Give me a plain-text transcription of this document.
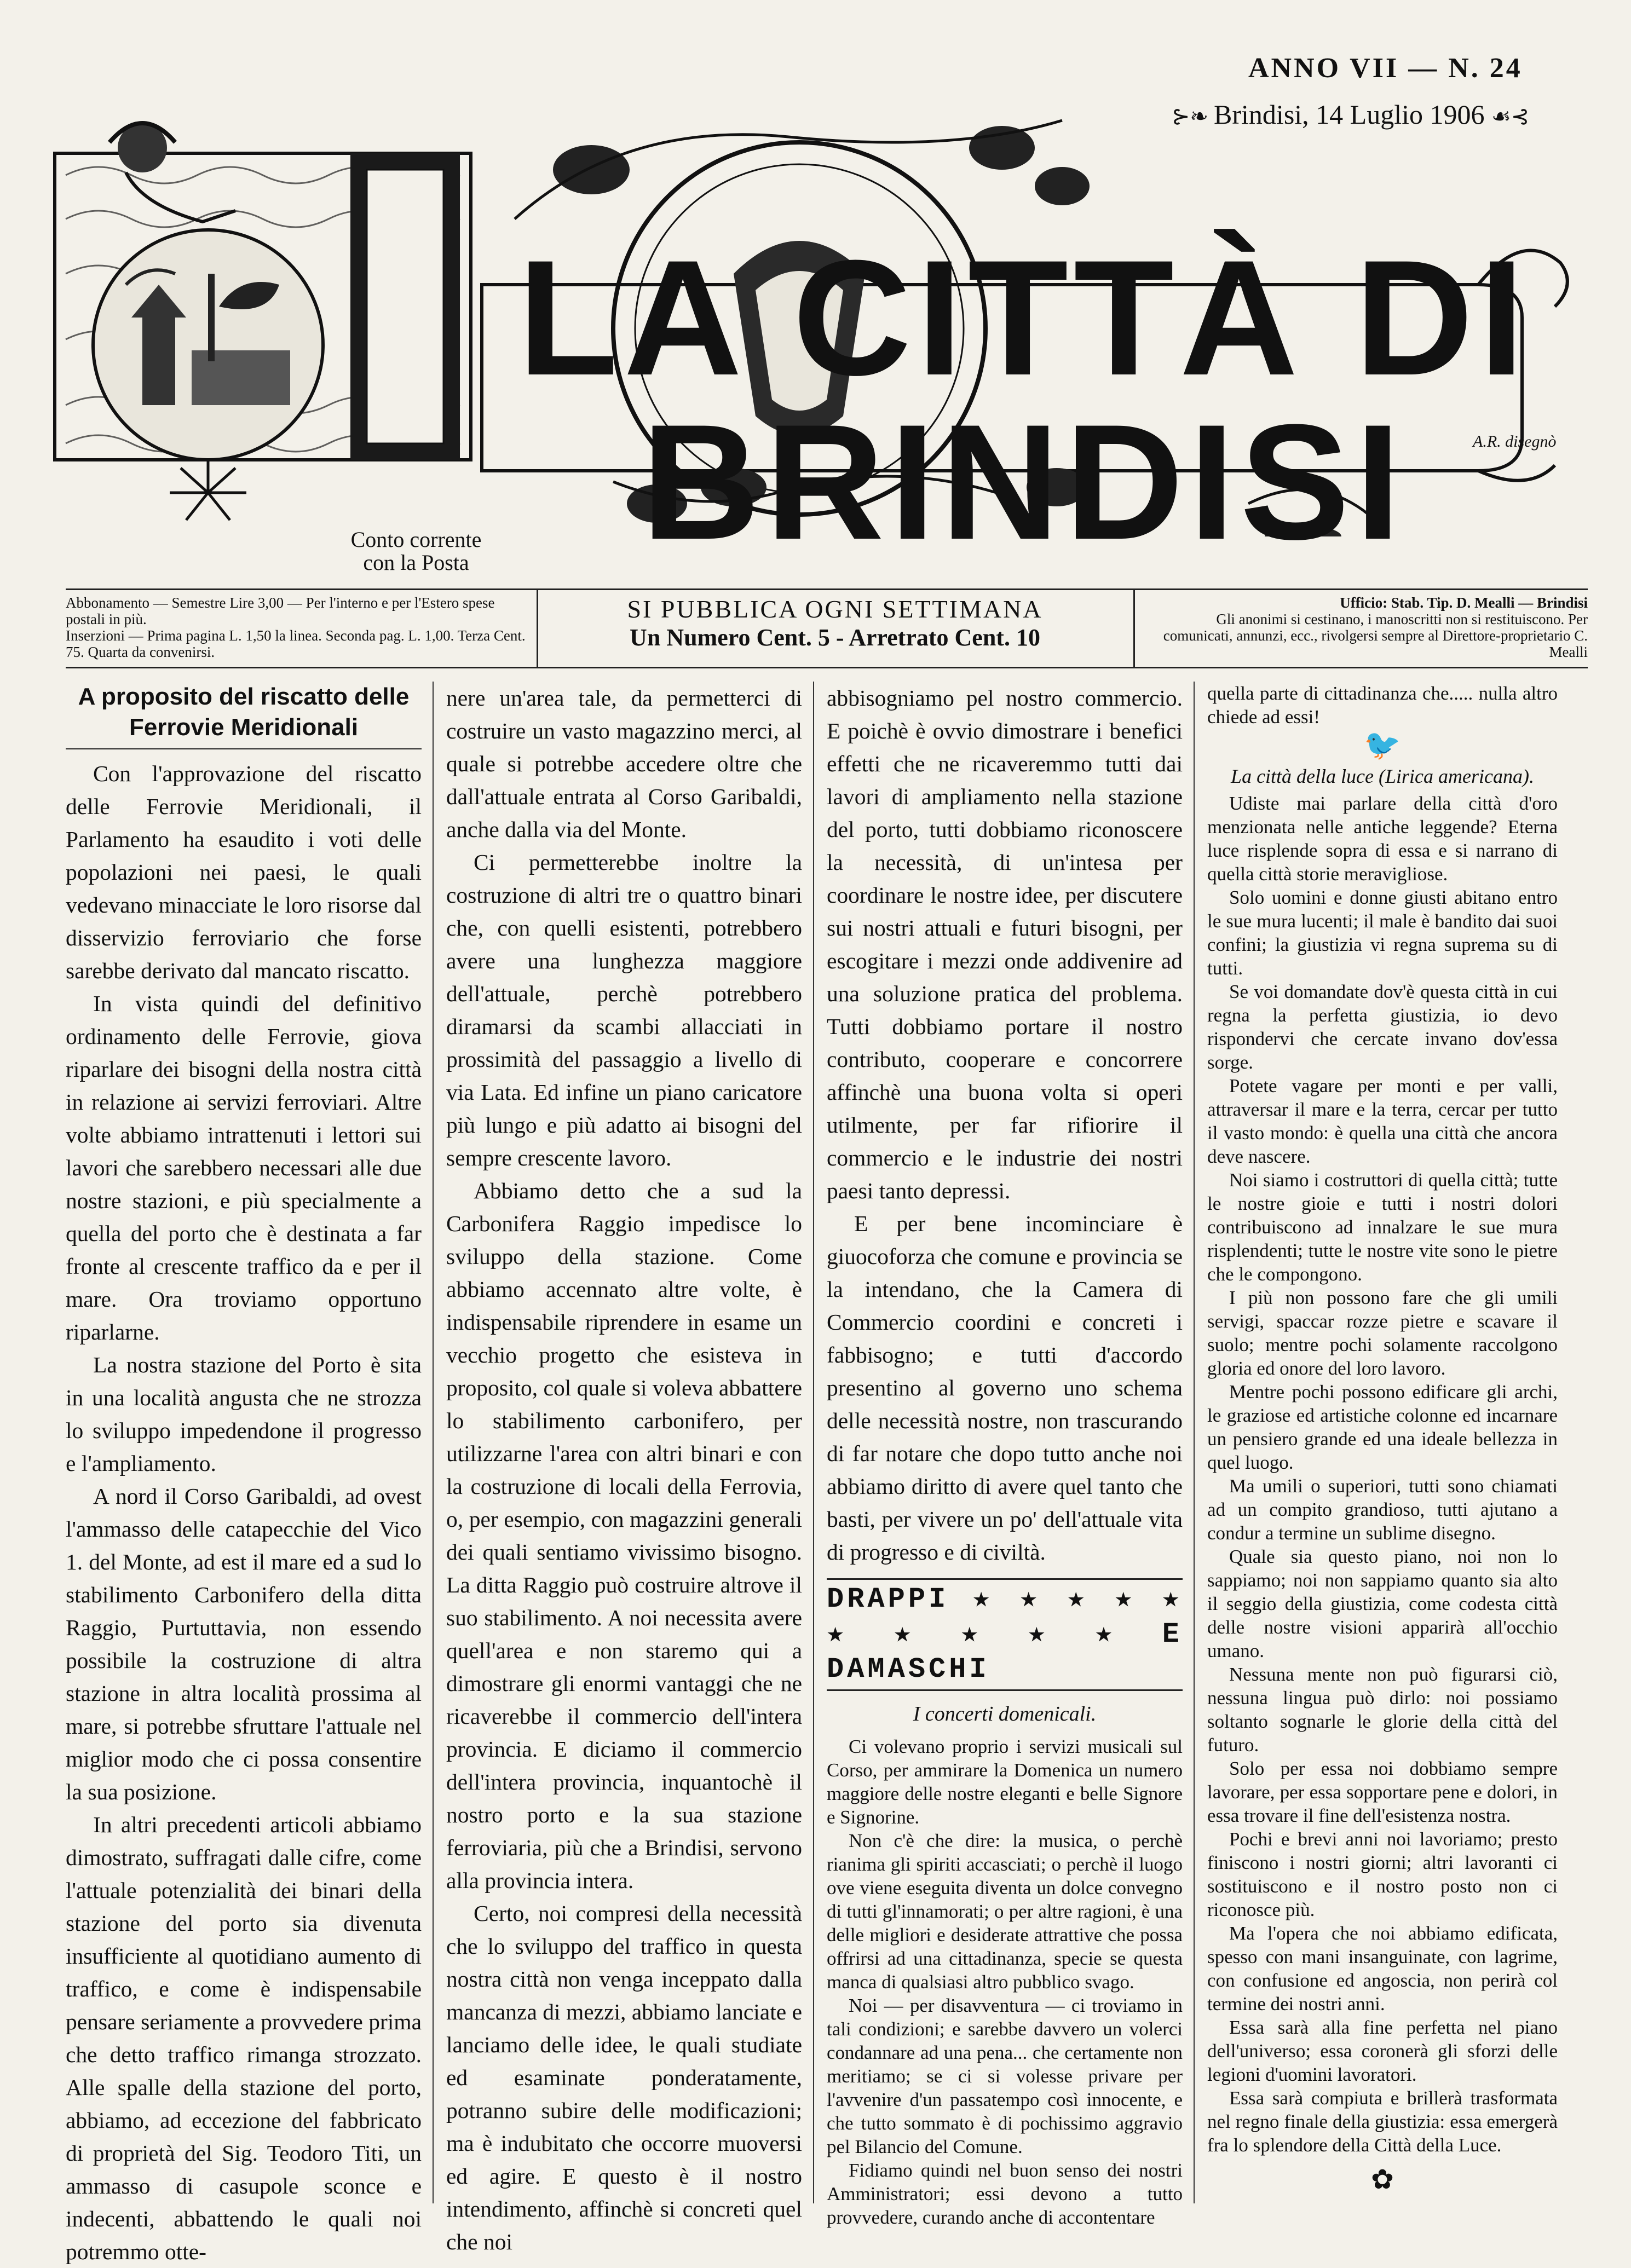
ANNO VII — N. 24
⊱❧ Brindisi, 14 Luglio 1906 ☙⊰
LA CITTÀ DI BRINDISI	A.R. disegnò
Conto corrente con la Posta
Abbonamento — Semestre Lire 3,00 — Per l'interno e per l'Estero spese postali in più.
Inserzioni — Prima pagina L. 1,50 la linea. Seconda pag. L. 1,00. Terza Cent. 75. Quarta da convenirsi.
SI PUBBLICA OGNI SETTIMANA
Un Numero Cent. 5 - Arretrato Cent. 10
Ufficio: Stab. Tip. D. Mealli — Brindisi
Gli anonimi si cestinano, i manoscritti non si restituiscono. Per comunicati, annunzi, ecc., rivolgersi sempre al Direttore-proprietario C. Mealli
A proposito del riscatto delle Ferrovie Meridionali

Con l'approvazione del riscatto delle Ferrovie Meridionali, il Parlamento ha esaudito i voti delle popolazioni nei paesi, le quali vedevano minacciate le loro risorse dal disservizio ferroviario che forse sarebbe derivato dal mancato riscatto.

In vista quindi del definitivo ordinamento delle Ferrovie, giova riparlare dei bisogni della nostra città in relazione ai servizi ferroviari. Altre volte abbiamo intrattenuti i lettori sui lavori che sarebbero necessari alle due nostre stazioni, e più specialmente a quella del porto che è destinata a far fronte al crescente traffico da e per il mare. Ora troviamo opportuno riparlarne.

La nostra stazione del Porto è sita in una località angusta che ne strozza lo sviluppo impedendone il progresso e l'ampliamento.

A nord il Corso Garibaldi, ad ovest l'ammasso delle catapecchie del Vico 1. del Monte, ad est il mare ed a sud lo stabilimento Carbonifero della ditta Raggio, Purtuttavia, non essendo possibile la costruzione di altra stazione in altra località prossima al mare, si potrebbe sfruttare l'attuale nel miglior modo che ci possa consentire la sua posizione.

In altri precedenti articoli abbiamo dimostrato, suffragati dalle cifre, come l'attuale potenzialità dei binari della stazione del porto sia divenuta insufficiente al quotidiano aumento di traffico, e come è indispensabile pensare seriamente a provvedere prima che detto traffico rimanga strozzato. Alle spalle della stazione del porto, abbiamo, ad eccezione del fabbricato di proprietà del Sig. Teodoro Titi, un ammasso di casupole sconce e indecenti, abbattendo le quali noi potremmo otte-

nere un'area tale, da permetterci di costruire un vasto magazzino merci, al quale si potrebbe accedere oltre che dall'attuale entrata al Corso Garibaldi, anche dalla via del Monte.

Ci permetterebbe inoltre la costruzione di altri tre o quattro binari che, con quelli esistenti, potrebbero avere una lunghezza maggiore dell'attuale, perchè potrebbero diramarsi da scambi allacciati in prossimità del passaggio a livello di via Lata. Ed infine un piano caricatore più lungo e più adatto ai bisogni del sempre crescente lavoro.

Abbiamo detto che a sud la Carbonifera Raggio impedisce lo sviluppo della stazione. Come abbiamo accennato altre volte, è indispensabile riprendere in esame un vecchio progetto che esisteva in proposito, col quale si voleva abbattere lo stabilimento carbonifero, per utilizzarne l'area con altri binari e con la costruzione di locali della Ferrovia, o, per esempio, con magazzini generali dei quali sentiamo vivissimo bisogno. La ditta Raggio può costruire altrove il suo stabilimento. A noi necessita avere quell'area e non staremo qui a dimostrare gli enormi vantaggi che ne ricaverebbe il commercio dell'intera provincia. E diciamo il commercio dell'intera provincia, inquantochè il nostro porto e la sua stazione ferroviaria, più che a Brindisi, servono alla provincia intera.

Certo, noi compresi della necessità che lo sviluppo del traffico in questa nostra città non venga inceppato dalla mancanza di mezzi, abbiamo lanciate e lanciamo delle idee, le quali studiate ed esaminate ponderatamente, potranno subire delle modificazioni; ma è indubitato che occorre muoversi ed agire. E questo è il nostro intendimento, affinchè si concreti quel che noi

abbisogniamo pel nostro commercio. E poichè è ovvio dimostrare i benefici effetti che ne ricaveremmo tutti dai lavori di ampliamento nella stazione del porto, tutti dobbiamo riconoscere la necessità, di un'intesa per coordinare le nostre idee, per discutere sui nostri attuali e futuri bisogni, per escogitare i mezzi onde addivenire ad una soluzione pratica del problema. Tutti dobbiamo portare il nostro contributo, cooperare e concorrere affinchè una buona volta si operi utilmente, per far rifiorire il commercio e le industrie dei nostri paesi tanto depressi.

E per bene incominciare è giuocoforza che comune e provincia se la intendano, che la Camera di Commercio coordini e concreti i fabbisogno; e tutti d'accordo presentino al governo uno schema delle necessità nostre, non trascurando di far notare che dopo tutto anche noi abbiamo diritto di avere quel tanto che basti, per vivere un po' dell'attuale vita di progresso e di civiltà.

DRAPPI ★ ★ ★ ★ ★ ★ ★ ★ ★ ★ E DAMASCHI
I concerti domenicali.

Ci volevano proprio i servizi musicali sul Corso, per ammirare la Domenica un numero maggiore delle nostre eleganti e belle Signore e Signorine.

Non c'è che dire: la musica, o perchè rianima gli spiriti accasciati; o perchè il luogo ove viene eseguita diventa un dolce convegno di tutti gl'innamorati; o per altre ragioni, è una delle migliori e desiderate attrattive che possa offrirsi ad una cittadinanza, specie se questa manca di qualsiasi altro pubblico svago.

Noi — per disavventura — ci troviamo in tali condizioni; e sarebbe davvero un volerci condannare ad una pena... che certamente non meritiamo; se ci si volesse privare per l'avvenire d'un passatempo così innocente, e che tutto sommato è di pochissimo aggravio pel Bilancio del Comune.

Fidiamo quindi nel buon senso dei nostri Amministratori; essi devono a tutto provvedere, curando anche di accontentare

quella parte di cittadinanza che..... nulla altro chiede ad essi!

🐦
La città della luce (Lirica americana).

Udiste mai parlare della città d'oro menzionata nelle antiche leggende? Eterna luce risplende sopra di essa e si narrano di quella città storie meravigliose.

Solo uomini e donne giusti abitano entro le sue mura lucenti; il male è bandito dai suoi confini; la giustizia vi regna suprema su di tutti.

Se voi domandate dov'è questa città in cui regna la perfetta giustizia, io devo rispondervi che cercate invano dov'essa sorge.

Potete vagare per monti e per valli, attraversar il mare e la terra, cercar per tutto il vasto mondo: è quella una città che ancora deve nascere.

Noi siamo i costruttori di quella città; tutte le nostre gioie e tutti i nostri dolori contribuiscono ad innalzare le sue mura risplendenti; tutte le nostre vite sono le pietre che le compongono.

I più non possono fare che gli umili servigi, spaccar rozze pietre e scavare il suolo; mentre pochi solamente raccolgono gloria ed onore del loro lavoro.

Mentre pochi possono edificare gli archi, le graziose ed artistiche colonne ed incarnare un pensiero grande ed una ideale bellezza in quel luogo.

Ma umili o superiori, tutti sono chiamati ad un compito grandioso, tutti ajutano a condur a termine un sublime disegno.

Quale sia questo piano, noi non lo sappiamo; noi non sappiamo quanto sia alto il seggio della giustizia, come codesta città delle nostre visioni apparirà all'occhio umano.

Nessuna mente non può figurarsi ciò, nessuna lingua può dirlo: noi possiamo soltanto sognarle le glorie della città del futuro.

Solo per essa noi dobbiamo sempre lavorare, per essa sopportare pene e dolori, in essa trovare il fine dell'esistenza nostra.

Pochi e brevi anni noi lavoriamo; presto finiscono i nostri giorni; altri lavoranti ci sostituiscono e il nostro posto non ci riconosce più.

Ma l'opera che noi abbiamo edificata, spesso con mani insanguinate, con lagrime, con confusione ed angoscia, non perirà col termine dei nostri anni.

Essa sarà alla fine perfetta nel piano dell'universo; essa coronerà gli sforzi delle legioni d'uomini lavoratori.

Essa sarà compiuta e brillerà trasformata nel regno finale della giustizia: essa emergerà fra lo splendore della Città della Luce.

✿
